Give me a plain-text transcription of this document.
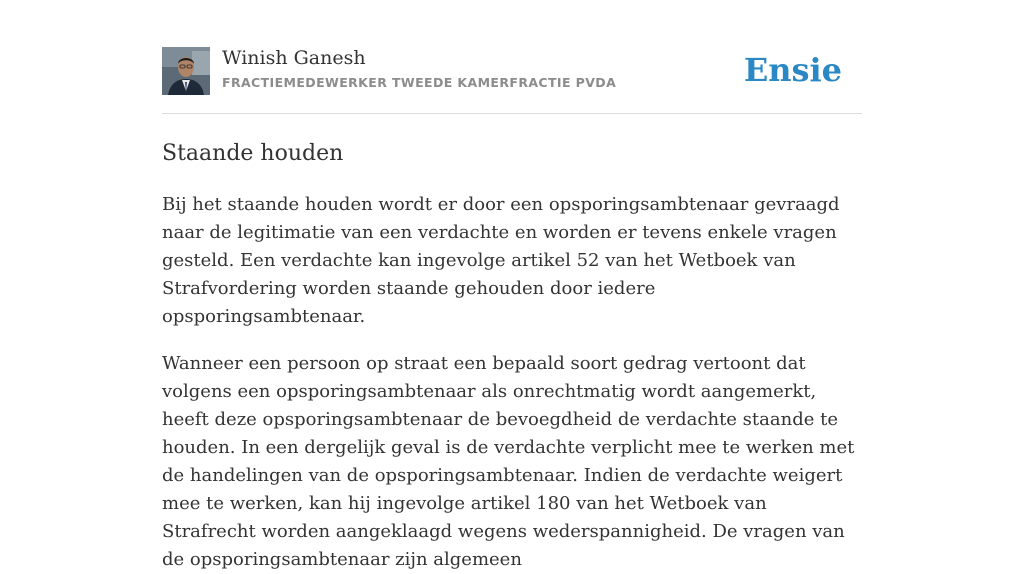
Winish Ganesh
FRACTIEMEDEWERKER TWEEDE KAMERFRACTIE PVDA	Ensie
Staande houden

Bij het staande houden wordt er door een opsporingsambtenaar gevraagd naar de legitimatie van een verdachte en worden er tevens enkele vragen gesteld. Een verdachte kan ingevolge artikel 52 van het Wetboek van Strafvordering worden staande gehouden door iedere opsporingsambtenaar.

Wanneer een persoon op straat een bepaald soort gedrag vertoont dat volgens een opsporingsambtenaar als onrechtmatig wordt aangemerkt, heeft deze opsporingsambtenaar de bevoegdheid de verdachte staande te houden. In een dergelijk geval is de verdachte verplicht mee te werken met de handelingen van de opsporingsambtenaar. Indien de verdachte weigert mee te werken, kan hij ingevolge artikel 180 van het Wetboek van Strafrecht worden aangeklaagd wegens wederspannigheid. De vragen van de opsporingsambtenaar zijn algemeen
